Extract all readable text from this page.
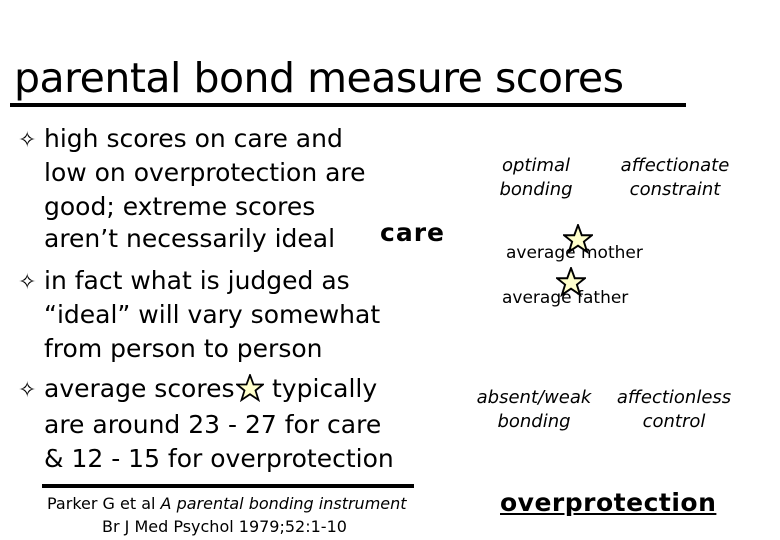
parental bond measure scores
✧ high scores on care and
low on overprotection are
good; extreme scores
aren’t necessarily ideal
✧ in fact what is judged as
“ideal” will vary somewhat
from person to person
✧ average scores typically
are around 23 - 27 for care
& 12 - 15 for overprotection
care
overprotection
optimal
bonding
affectionate
constraint
absent/weak
bonding
affectionless
control
average mother
average father
Parker G et al A parental bonding instrument
Br J Med Psychol 1979;52:1-10
